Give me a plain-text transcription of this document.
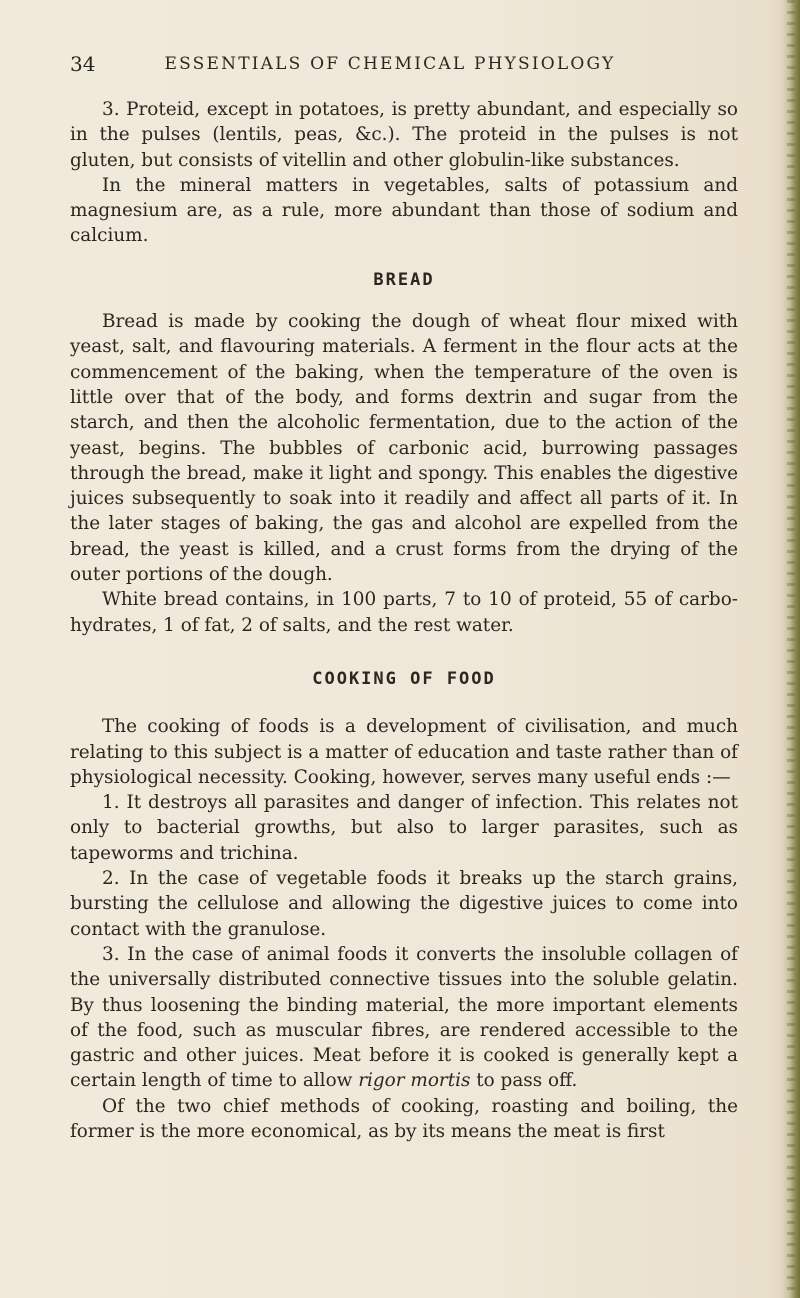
34	ESSENTIALS OF CHEMICAL PHYSIOLOGY

3. Proteid, except in potatoes, is pretty abundant, and especially so in the pulses (lentils, peas, &c.). The proteid in the pulses is not gluten, but consists of vitellin and other globulin-like substances.

In the mineral matters in vegetables, salts of potassium and magnesium are, as a rule, more abundant than those of sodium and calcium.

BREAD

Bread is made by cooking the dough of wheat flour mixed with yeast, salt, and flavouring materials. A ferment in the flour acts at the commencement of the baking, when the temperature of the oven is little over that of the body, and forms dextrin and sugar from the starch, and then the alcoholic fermentation, due to the action of the yeast, begins. The bubbles of carbonic acid, burrowing passages through the bread, make it light and spongy. This enables the digestive juices subsequently to soak into it readily and affect all parts of it. In the later stages of baking, the gas and alcohol are expelled from the bread, the yeast is killed, and a crust forms from the drying of the outer portions of the dough.

White bread contains, in 100 parts, 7 to 10 of proteid, 55 of carbo-hydrates, 1 of fat, 2 of salts, and the rest water.

COOKING OF FOOD

The cooking of foods is a development of civilisation, and much relating to this subject is a matter of education and taste rather than of physiological necessity. Cooking, however, serves many useful ends :—

1. It destroys all parasites and danger of infection. This relates not only to bacterial growths, but also to larger parasites, such as tapeworms and trichina.

2. In the case of vegetable foods it breaks up the starch grains, bursting the cellulose and allowing the digestive juices to come into contact with the granulose.

3. In the case of animal foods it converts the insoluble collagen of the universally distributed connective tissues into the soluble gelatin. By thus loosening the binding material, the more important elements of the food, such as muscular fibres, are rendered accessible to the gastric and other juices. Meat before it is cooked is generally kept a certain length of time to allow rigor mortis to pass off.

Of the two chief methods of cooking, roasting and boiling, the former is the more economical, as by its means the meat is first
